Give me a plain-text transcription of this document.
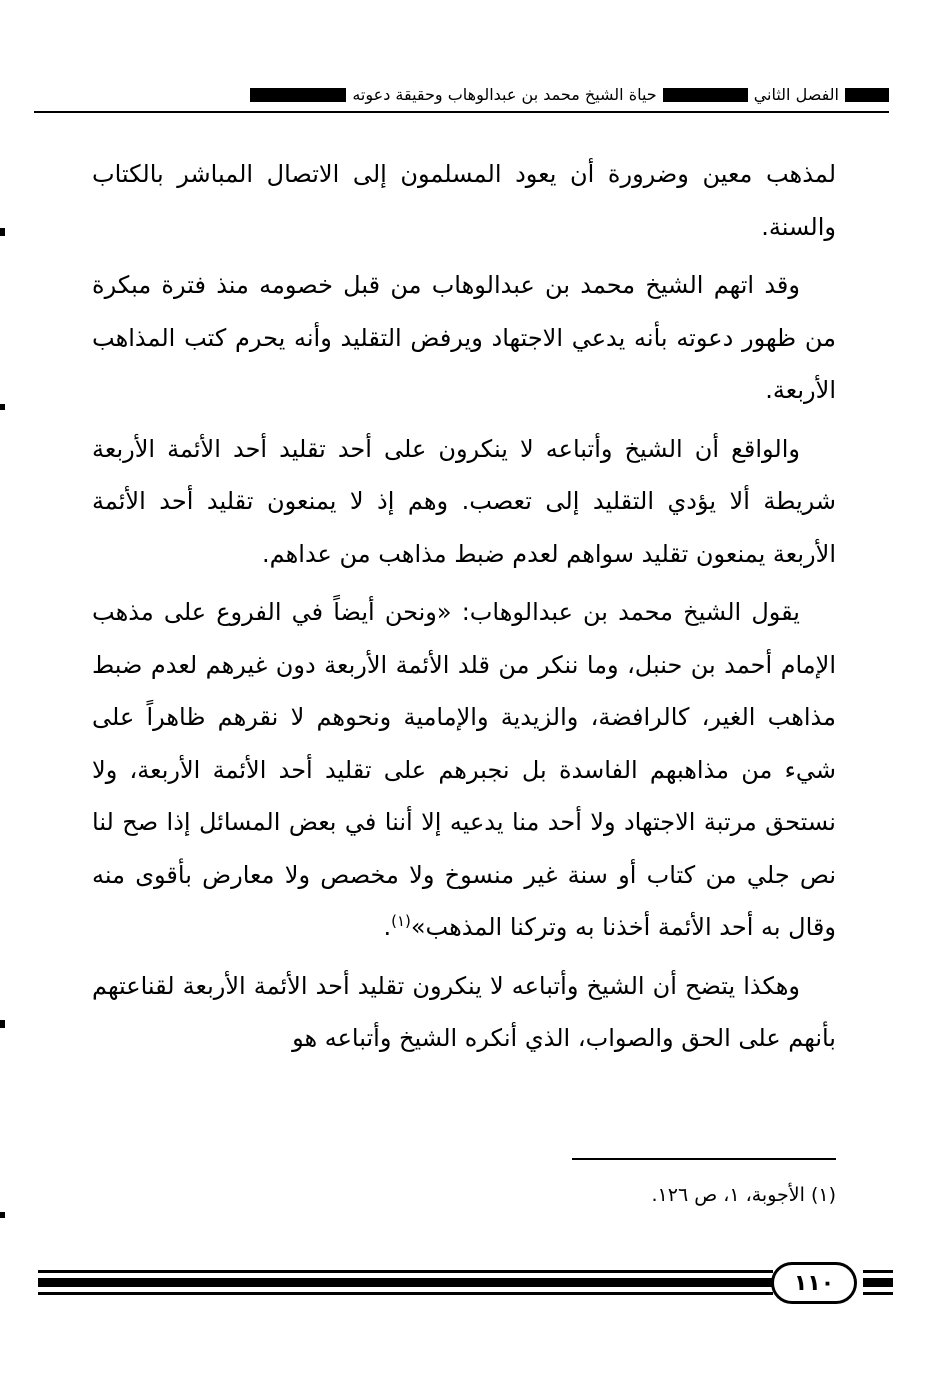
الفصل الثاني
حياة الشيخ محمد بن عبدالوهاب وحقيقة دعوته

لمذهب معين وضرورة أن يعود المسلمون إلى الاتصال المباشر بالكتاب والسنة.

وقد اتهم الشيخ محمد بن عبدالوهاب من قبل خصومه منذ فترة مبكرة من ظهور دعوته بأنه يدعي الاجتهاد ويرفض التقليد وأنه يحرم كتب المذاهب الأربعة.

والواقع أن الشيخ وأتباعه لا ينكرون على أحد تقليد أحد الأئمة الأربعة شريطة ألا يؤدي التقليد إلى تعصب. وهم إذ لا يمنعون تقليد أحد الأئمة الأربعة يمنعون تقليد سواهم لعدم ضبط مذاهب من عداهم.

يقول الشيخ محمد بن عبدالوهاب: «ونحن أيضاً في الفروع على مذهب الإمام أحمد بن حنبل، وما ننكر من قلد الأئمة الأربعة دون غيرهم لعدم ضبط مذاهب الغير، كالرافضة، والزيدية والإمامية ونحوهم لا نقرهم ظاهراً على شيء من مذاهبهم الفاسدة بل نجبرهم على تقليد أحد الأئمة الأربعة، ولا نستحق مرتبة الاجتهاد ولا أحد منا يدعيه إلا أننا في بعض المسائل إذا صح لنا نص جلي من كتاب أو سنة غير منسوخ ولا مخصص ولا معارض بأقوى منه وقال به أحد الأئمة أخذنا به وتركنا المذهب»$^{(١)}$.

وهكذا يتضح أن الشيخ وأتباعه لا ينكرون تقليد أحد الأئمة الأربعة لقناعتهم بأنهم على الحق والصواب، الذي أنكره الشيخ وأتباعه هو

(١) الأجوبة، ١، ص ١٢٦.
١١٠
